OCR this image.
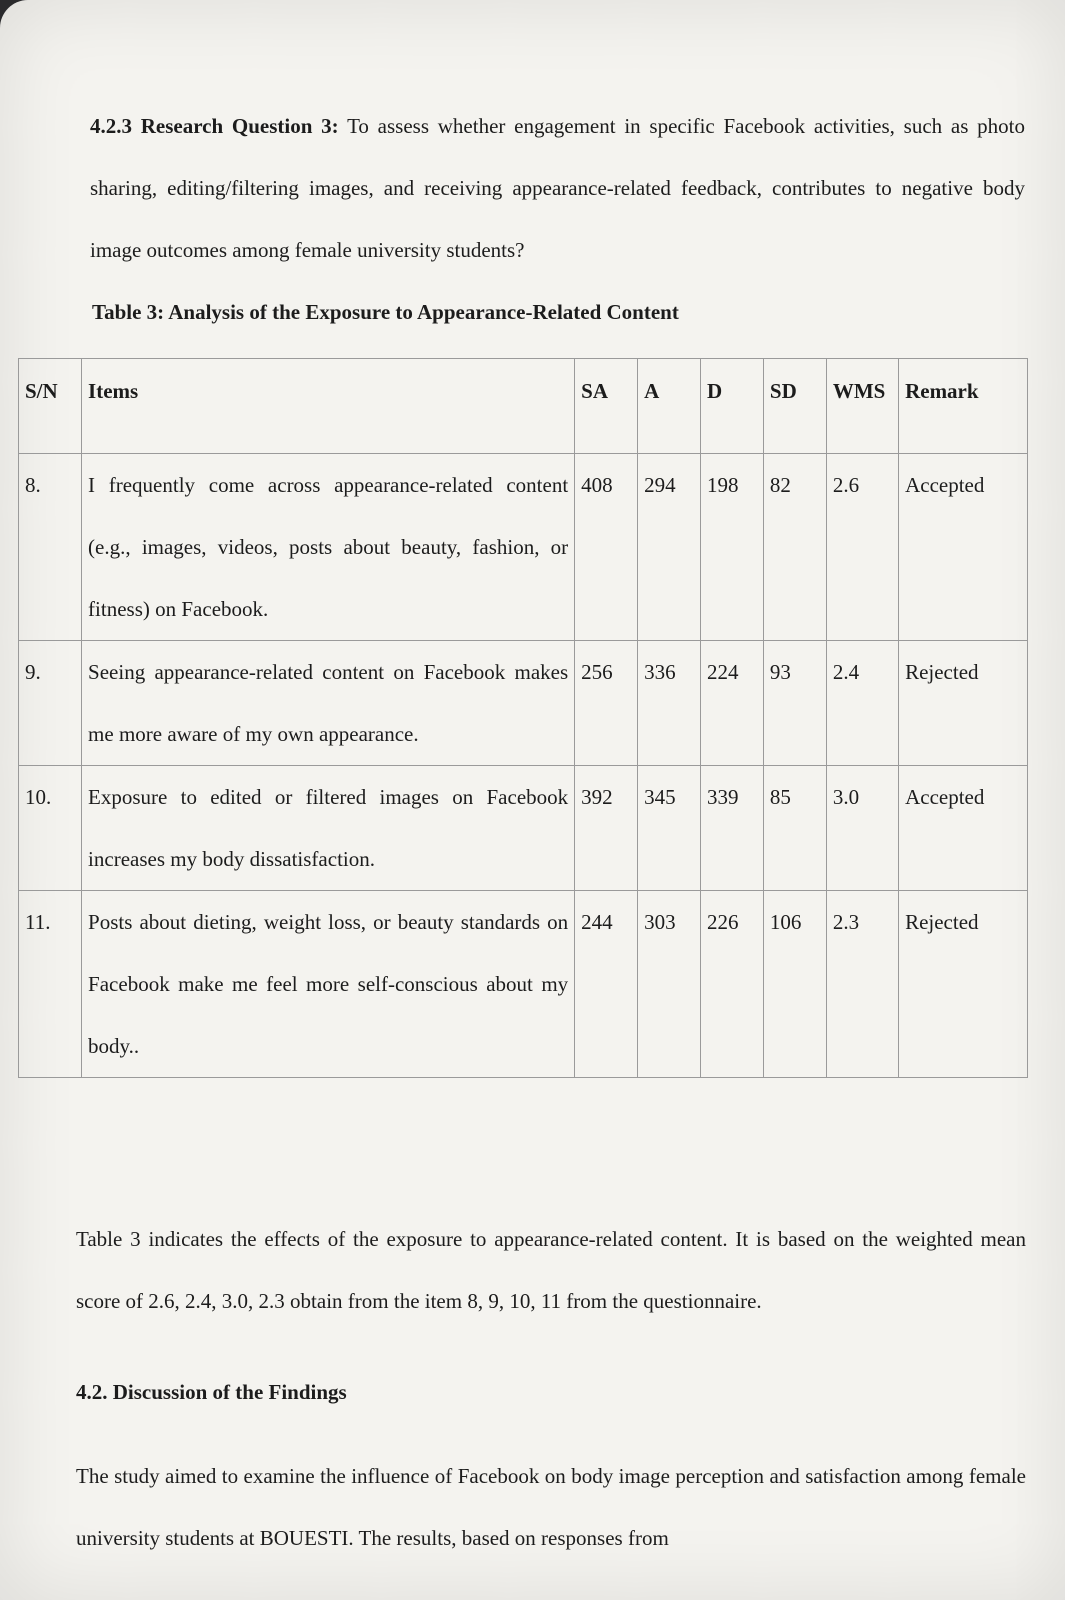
4.2.3 Research Question 3: To assess whether engagement in specific Facebook activities, such as photo sharing, editing/filtering images, and receiving appearance-related feedback, contributes to negative body image outcomes among female university students?
Table 3: Analysis of the Exposure to Appearance-Related Content
S/N	Items	SA	A	D	SD	WMS	Remark
8.	I frequently come across appearance-related content (e.g., images, videos, posts about beauty, fashion, or fitness) on Facebook.	408	294	198	82	2.6	Accepted
9.	Seeing appearance-related content on Facebook makes me more aware of my own appearance.	256	336	224	93	2.4	Rejected
10.	Exposure to edited or filtered images on Facebook increases my body dissatisfaction.	392	345	339	85	3.0	Accepted
11.	Posts about dieting, weight loss, or beauty standards on Facebook make me feel more self-conscious about my body..	244	303	226	106	2.3	Rejected
Table 3 indicates the effects of the exposure to appearance-related content. It is based on the weighted mean score of 2.6, 2.4, 3.0, 2.3 obtain from the item 8, 9, 10, 11 from the questionnaire.
4.2. Discussion of the Findings
The study aimed to examine the influence of Facebook on body image perception and satisfaction among female university students at BOUESTI. The results, based on responses from
